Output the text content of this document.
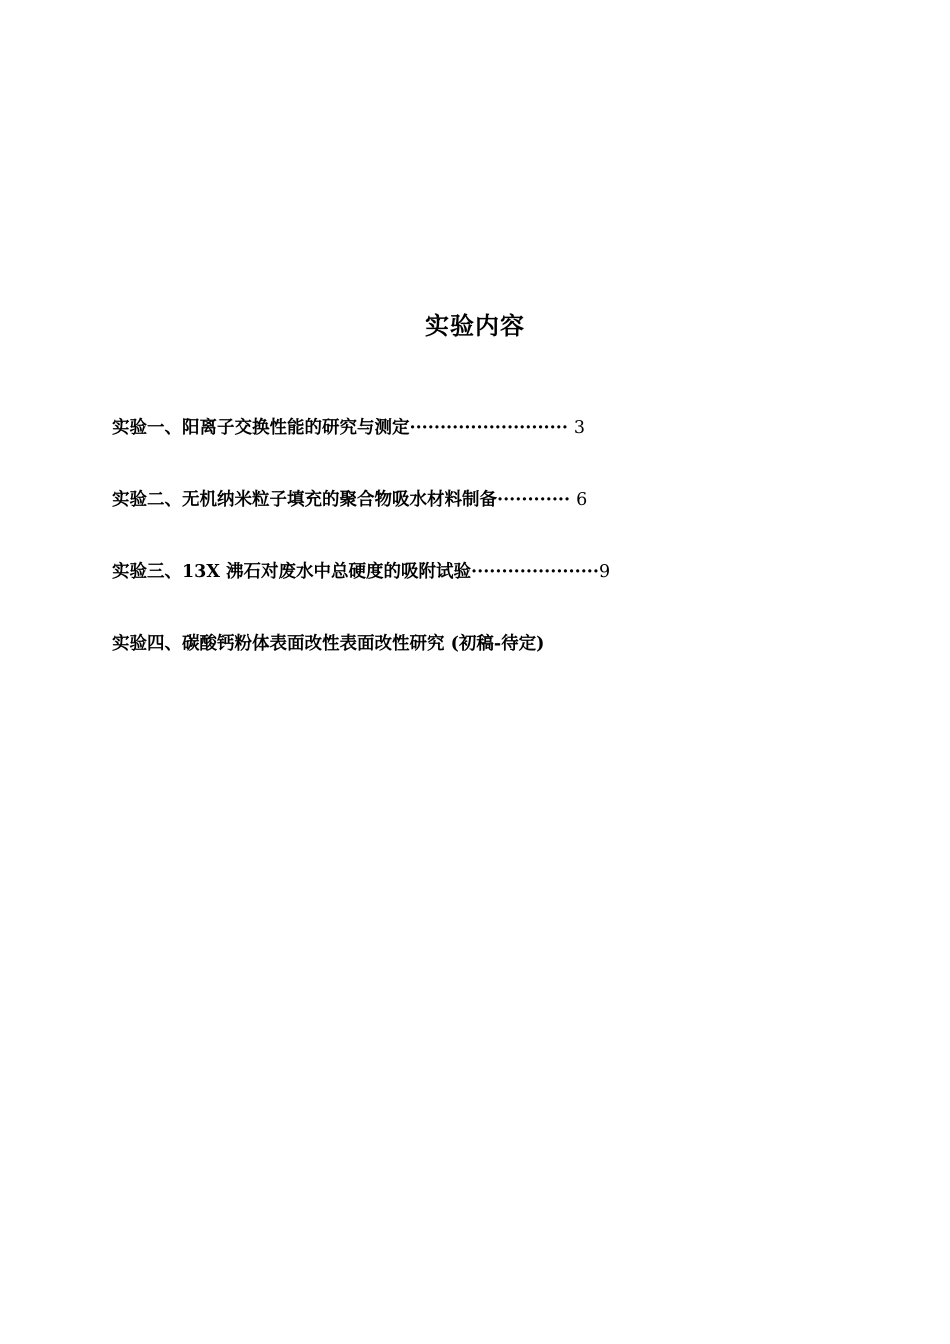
实验内容
实验一、阳离子交换性能的研究与测定·························· 3
实验二、无机纳米粒子填充的聚合物吸水材料制备············ 6
实验三、13X 沸石对废水中总硬度的吸附试验·····················9
实验四、碳酸钙粉体表面改性表面改性研究 (初稿-待定)
